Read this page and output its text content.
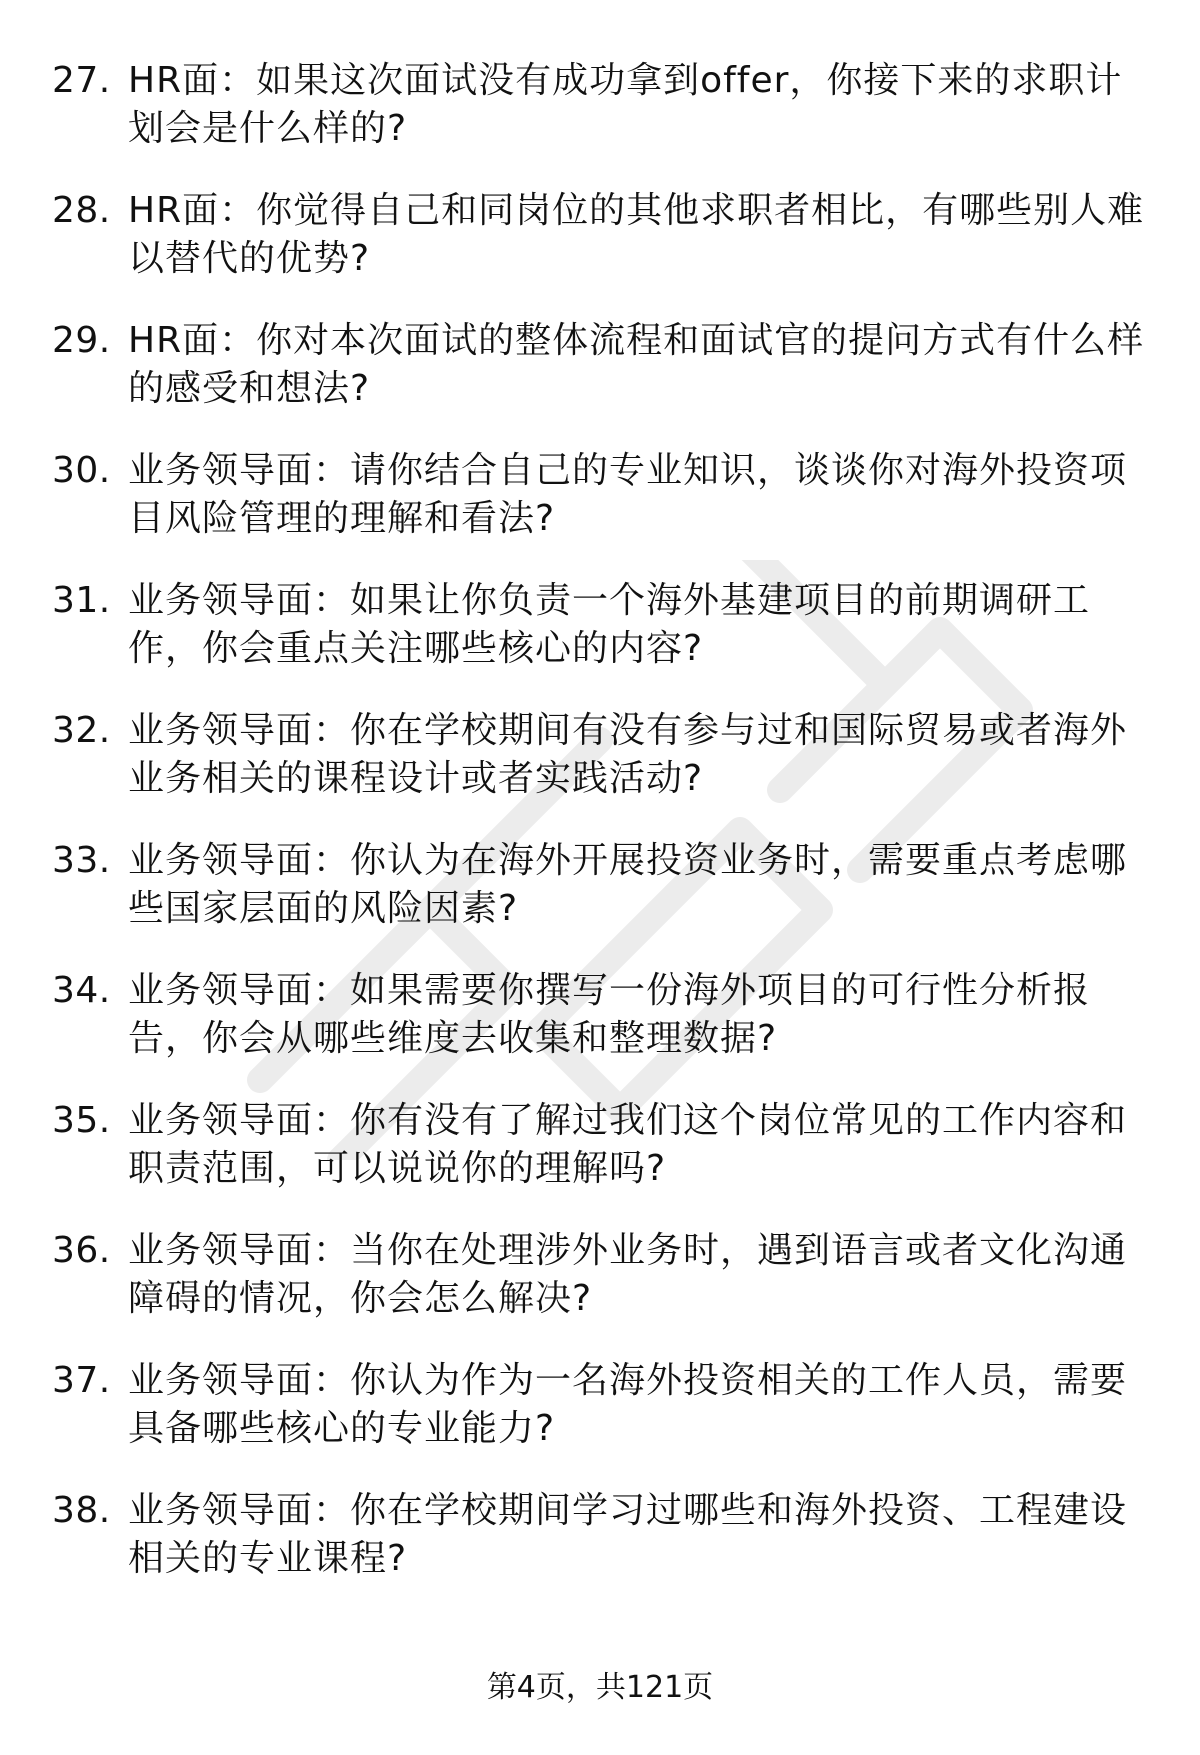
27. HR面：如果这次面试没有成功拿到offer，你接下来的求职计划会是什么样的?
28. HR面：你觉得自己和同岗位的其他求职者相比，有哪些别人难以替代的优势?
29. HR面：你对本次面试的整体流程和面试官的提问方式有什么样的感受和想法?
30. 业务领导面：请你结合自己的专业知识，谈谈你对海外投资项目风险管理的理解和看法?
31. 业务领导面：如果让你负责一个海外基建项目的前期调研工作，你会重点关注哪些核心的内容?
32. 业务领导面：你在学校期间有没有参与过和国际贸易或者海外业务相关的课程设计或者实践活动?
33. 业务领导面：你认为在海外开展投资业务时，需要重点考虑哪些国家层面的风险因素?
34. 业务领导面：如果需要你撰写一份海外项目的可行性分析报告，你会从哪些维度去收集和整理数据?
35. 业务领导面：你有没有了解过我们这个岗位常见的工作内容和职责范围，可以说说你的理解吗?
36. 业务领导面：当你在处理涉外业务时，遇到语言或者文化沟通障碍的情况，你会怎么解决?
37. 业务领导面：你认为作为一名海外投资相关的工作人员，需要具备哪些核心的专业能力?
38. 业务领导面：你在学校期间学习过哪些和海外投资、工程建设相关的专业课程?
第4页，共121页
